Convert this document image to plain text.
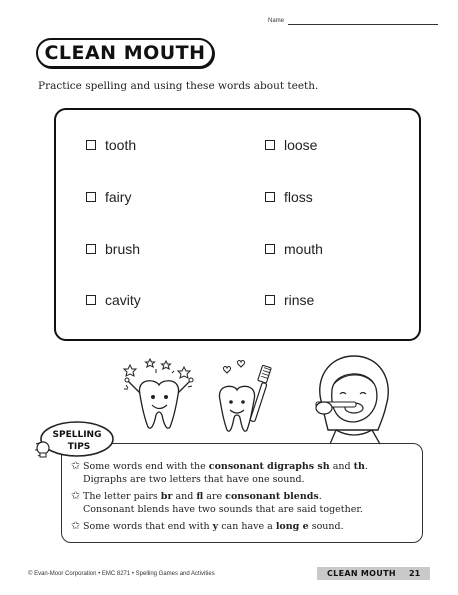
Name
CLEAN MOUTH
Practice spelling and using these words about teeth.
tooth	loose
fairy	floss
brush	mouth
cavity	rinse
SPELLING
TIPS
✩ Some words end with the consonant digraphs sh and th.
Digraphs are two letters that have one sound.
✩ The letter pairs br and fl are consonant blends.
Consonant blends have two sounds that are said together.
✩ Some words that end with y can have a long e sound.
© Evan-Moor Corporation • EMC 8271 • Spelling Games and Activities	CLEAN MOUTH 21
